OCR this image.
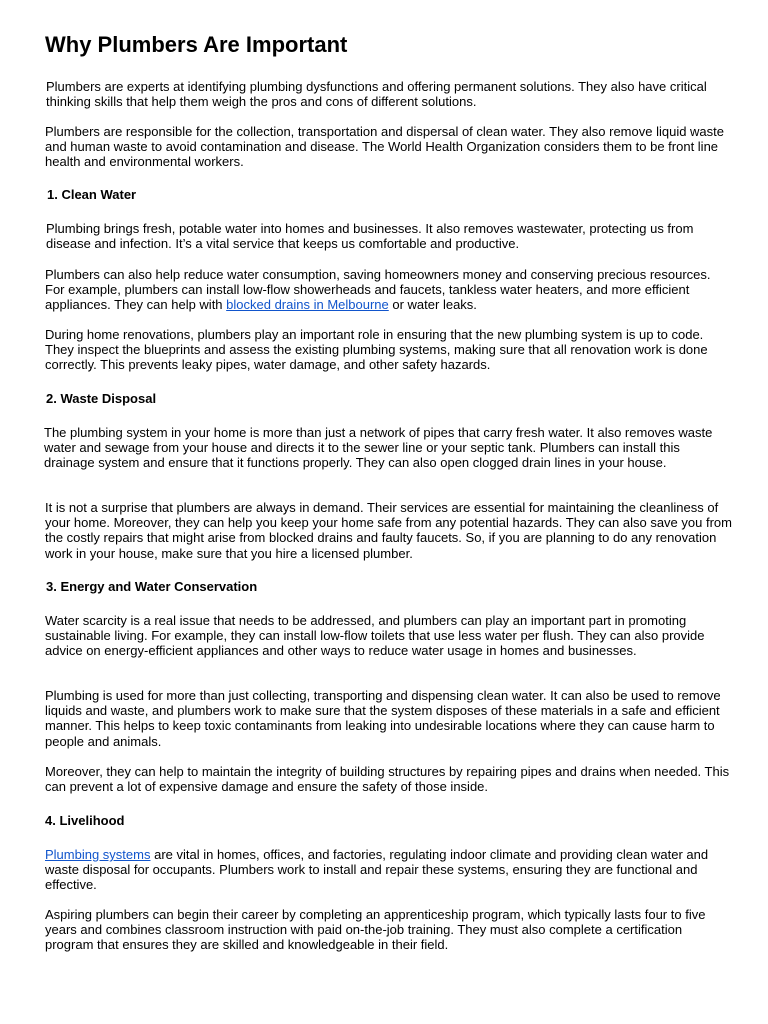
Why Plumbers Are Important

Plumbers are experts at identifying plumbing dysfunctions and offering permanent solutions. They also have critical thinking skills that help them weigh the pros and cons of different solutions.

Plumbers are responsible for the collection, transportation and dispersal of clean water. They also remove liquid waste and human waste to avoid contamination and disease. The World Health Organization considers them to be front line health and environmental workers.

1. Clean Water

Plumbing brings fresh, potable water into homes and businesses. It also removes wastewater, protecting us from disease and infection. It’s a vital service that keeps us comfortable and productive.

Plumbers can also help reduce water consumption, saving homeowners money and conserving precious resources. For example, plumbers can install low-flow showerheads and faucets, tankless water heaters, and more efficient appliances. They can help with blocked drains in Melbourne or water leaks.

During home renovations, plumbers play an important role in ensuring that the new plumbing system is up to code. They inspect the blueprints and assess the existing plumbing systems, making sure that all renovation work is done correctly. This prevents leaky pipes, water damage, and other safety hazards.

2. Waste Disposal

The plumbing system in your home is more than just a network of pipes that carry fresh water. It also removes waste water and sewage from your house and directs it to the sewer line or your septic tank. Plumbers can install this drainage system and ensure that it functions properly. They can also open clogged drain lines in your house.

It is not a surprise that plumbers are always in demand. Their services are essential for maintaining the cleanliness of your home. Moreover, they can help you keep your home safe from any potential hazards. They can also save you from the costly repairs that might arise from blocked drains and faulty faucets. So, if you are planning to do any renovation work in your house, make sure that you hire a licensed plumber.

3. Energy and Water Conservation

Water scarcity is a real issue that needs to be addressed, and plumbers can play an important part in promoting sustainable living. For example, they can install low-flow toilets that use less water per flush. They can also provide advice on energy-efficient appliances and other ways to reduce water usage in homes and businesses.

Plumbing is used for more than just collecting, transporting and dispensing clean water. It can also be used to remove liquids and waste, and plumbers work to make sure that the system disposes of these materials in a safe and efficient manner. This helps to keep toxic contaminants from leaking into undesirable locations where they can cause harm to people and animals.

Moreover, they can help to maintain the integrity of building structures by repairing pipes and drains when needed. This can prevent a lot of expensive damage and ensure the safety of those inside.

4. Livelihood

Plumbing systems are vital in homes, offices, and factories, regulating indoor climate and providing clean water and waste disposal for occupants. Plumbers work to install and repair these systems, ensuring they are functional and effective.

Aspiring plumbers can begin their career by completing an apprenticeship program, which typically lasts four to five years and combines classroom instruction with paid on-the-job training. They must also complete a certification program that ensures they are skilled and knowledgeable in their field.
